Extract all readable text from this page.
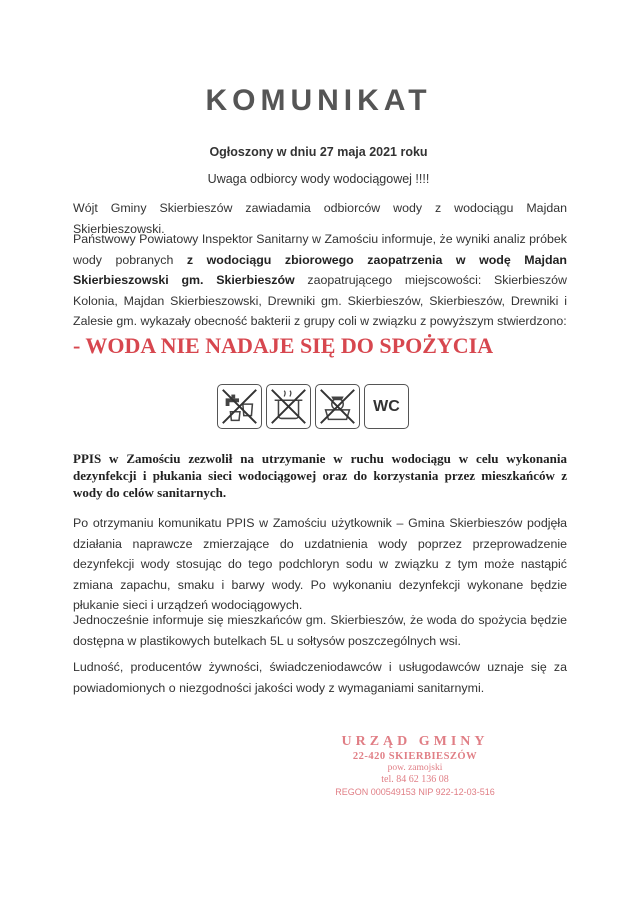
KOMUNIKAT
Ogłoszony w dniu 27 maja 2021 roku
Uwaga odbiorcy wody wodociągowej !!!!

Wójt Gminy Skierbieszów zawiadamia odbiorców wody z wodociągu Majdan Skierbieszowski.

Państwowy Powiatowy Inspektor Sanitarny w Zamościu informuje, że wyniki analiz próbek wody pobranych z wodociągu zbiorowego zaopatrzenia w wodę Majdan Skierbieszowski gm. Skierbieszów zaopatrującego miejscowości: Skierbieszów Kolonia, Majdan Skierbieszowski, Drewniki gm. Skierbieszów, Skierbieszów, Drewniki i Zalesie gm. wykazały obecność bakterii z grupy coli w związku z powyższym stwierdzono:

- WODA NIE NADAJE SIĘ DO SPOŻYCIA

WC

PPIS w Zamościu zezwolił na utrzymanie w ruchu wodociągu w celu wykonania dezynfekcji i płukania sieci wodociągowej oraz do korzystania przez mieszkańców z wody do celów sanitarnych.

Po otrzymaniu komunikatu PPIS w Zamościu użytkownik – Gmina Skierbieszów podjęła działania naprawcze zmierzające do uzdatnienia wody poprzez przeprowadzenie dezynfekcji wody stosując do tego podchloryn sodu w związku z tym może nastąpić zmiana zapachu, smaku i barwy wody. Po wykonaniu dezynfekcji wykonane będzie płukanie sieci i urządzeń wodociągowych.

Jednocześnie informuje się mieszkańców gm. Skierbieszów, że woda do spożycia będzie dostępna w plastikowych butelkach 5L u sołtysów poszczególnych wsi.

Ludność, producentów żywności, świadczeniodawców i usługodawców uznaje się za powiadomionych o niezgodności jakości wody z wymaganiami sanitarnymi.

URZĄD GMINY
22-420 SKIERBIESZÓW
pow. zamojski
tel. 84 62 136 08
REGON 000549153 NIP 922-12-03-516
